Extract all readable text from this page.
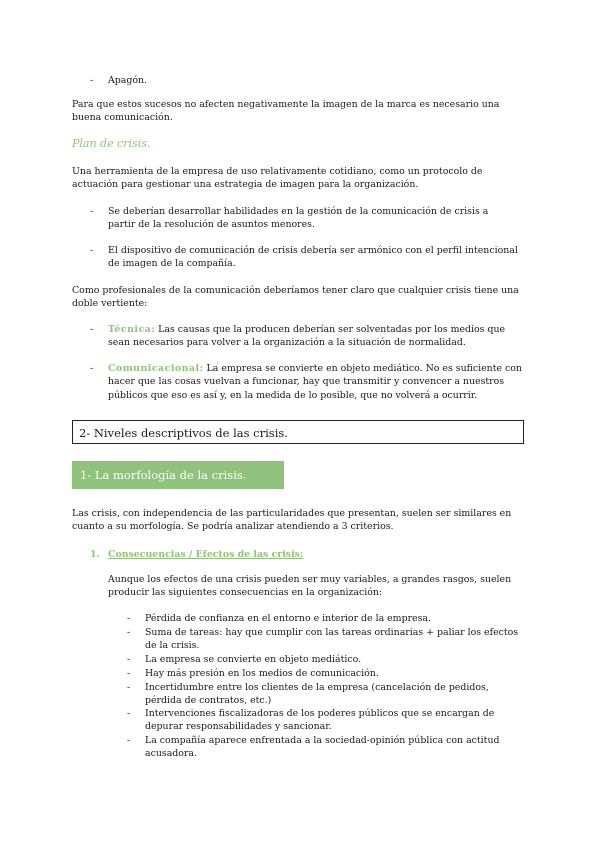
- Apagón.
Para que estos sucesos no afecten negativamente la imagen de la marca es necesario una buena comunicación.
Plan de crisis.
Una herramienta de la empresa de uso relativamente cotidiano, como un protocolo de actuación para gestionar una estrategia de imagen para la organización.
- Se deberían desarrollar habilidades en la gestión de la comunicación de crisis a partir de la resolución de asuntos menores.
- El dispositivo de comunicación de crisis debería ser armónico con el perfil intencional de imagen de la compañía.
Como profesionales de la comunicación deberíamos tener claro que cualquier crisis tiene una doble vertiente:
- Técnica: Las causas que la producen deberían ser solventadas por los medios que sean necesarios para volver a la organización a la situación de normalidad.
- Comunicacional: La empresa se convierte en objeto mediático. No es suficiente con hacer que las cosas vuelvan a funcionar, hay que transmitir y convencer a nuestros públicos que eso es así y, en la medida de lo posible, que no volverá a ocurrir.
2- Niveles descriptivos de las crisis.
1- La morfología de la crisis.
Las crisis, con independencia de las particularidades que presentan, suelen ser similares en cuanto a su morfología. Se podría analizar atendiendo a 3 criterios.
1. Consecuencias / Efectos de las crisis:
Aunque los efectos de una crisis pueden ser muy variables, a grandes rasgos, suelen producir las siguientes consecuencias en la organización:
- Pérdida de confianza en el entorno e interior de la empresa.
- Suma de tareas: hay que cumplir con las tareas ordinarias + paliar los efectos de la crisis.
- La empresa se convierte en objeto mediático.
- Hay más presión en los medios de comunicación.
- Incertidumbre entre los clientes de la empresa (cancelación de pedidos, pérdida de contratos, etc.)
- Intervenciones fiscalizadoras de los poderes públicos que se encargan de depurar responsabilidades y sancionar.
- La compañía aparece enfrentada a la sociedad-opinión pública con actitud acusadora.
